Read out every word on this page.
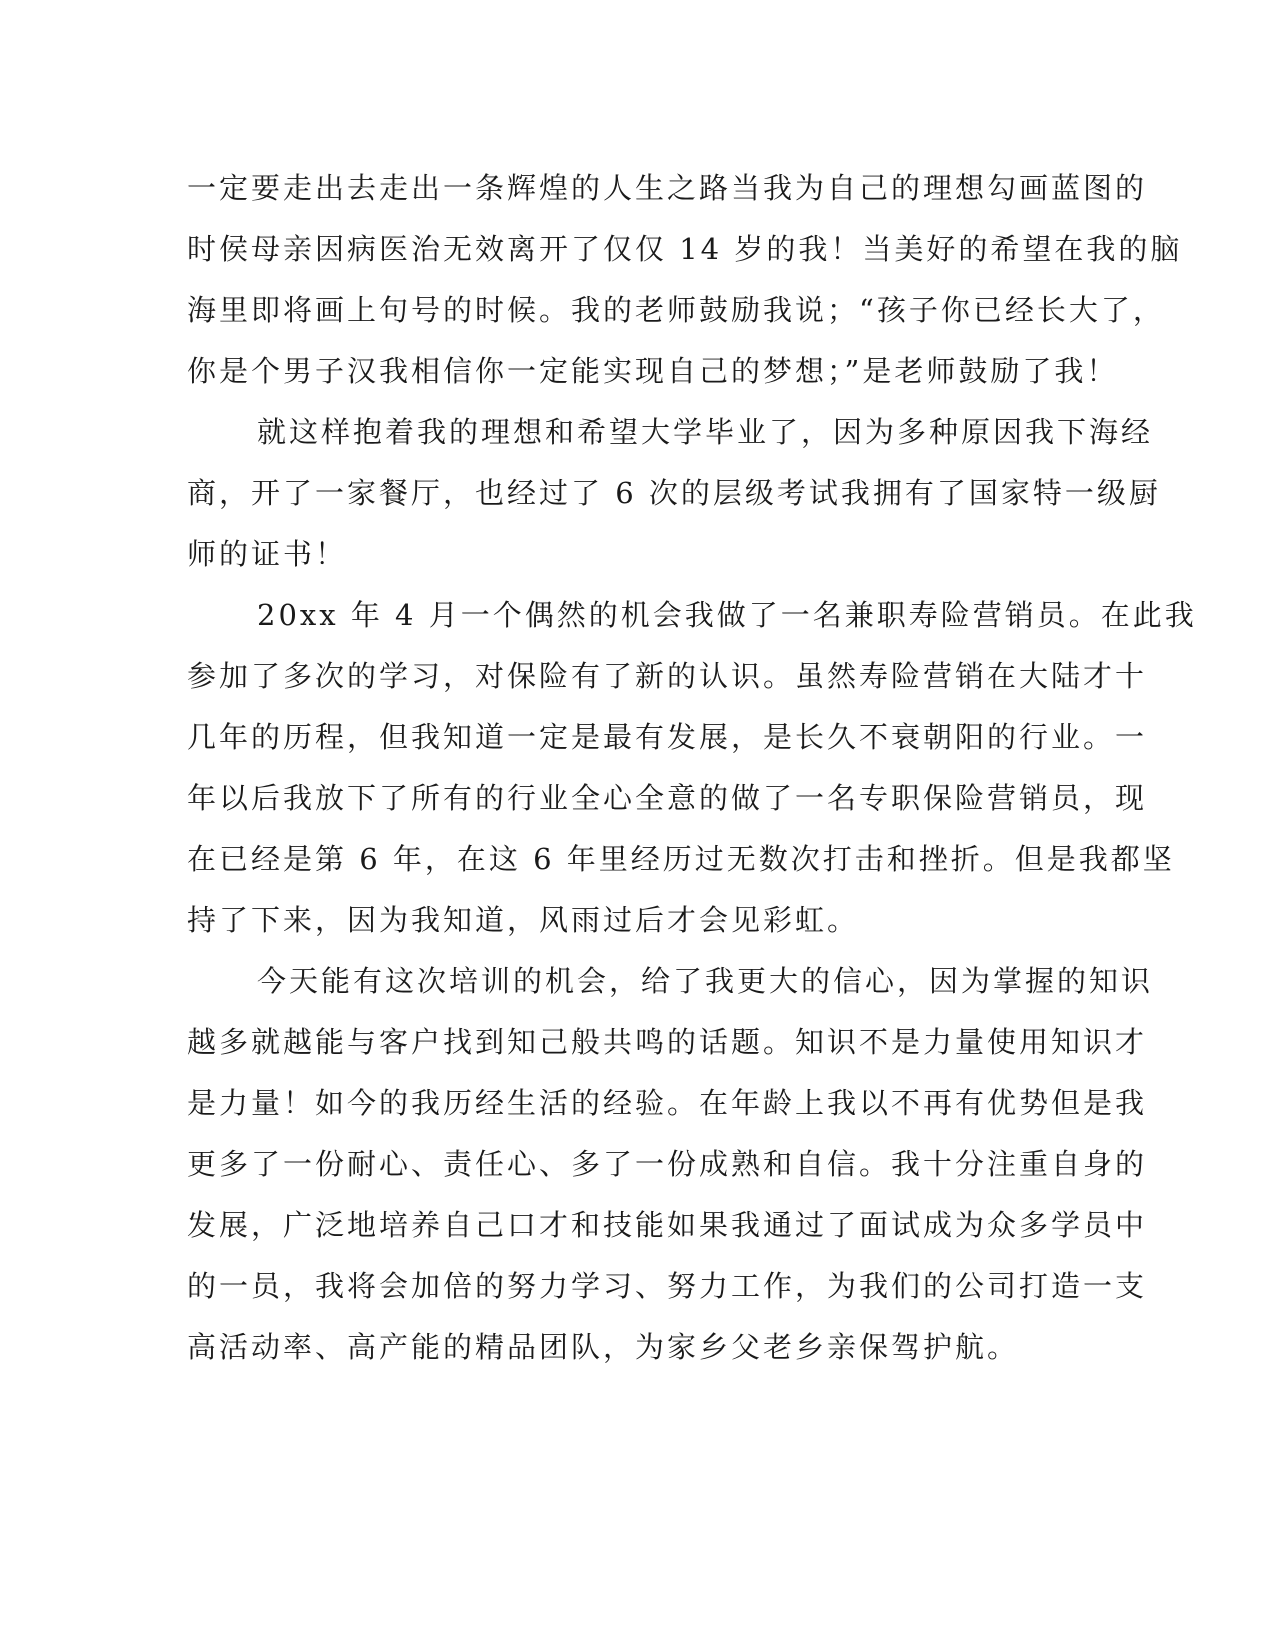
一定要走出去走出一条辉煌的人生之路当我为自己的理想勾画蓝图的
时侯母亲因病医治无效离开了仅仅 14 岁的我！当美好的希望在我的脑
海里即将画上句号的时候。我的老师鼓励我说；“孩子你已经长大了，
你是个男子汉我相信你一定能实现自己的梦想；”是老师鼓励了我！
就这样抱着我的理想和希望大学毕业了，因为多种原因我下海经
商，开了一家餐厅，也经过了 6 次的层级考试我拥有了国家特一级厨
师的证书！
20xx 年 4 月一个偶然的机会我做了一名兼职寿险营销员。在此我
参加了多次的学习，对保险有了新的认识。虽然寿险营销在大陆才十
几年的历程，但我知道一定是最有发展，是长久不衰朝阳的行业。一
年以后我放下了所有的行业全心全意的做了一名专职保险营销员，现
在已经是第 6 年，在这 6 年里经历过无数次打击和挫折。但是我都坚
持了下来，因为我知道，风雨过后才会见彩虹。
今天能有这次培训的机会，给了我更大的信心，因为掌握的知识
越多就越能与客户找到知己般共鸣的话题。知识不是力量使用知识才
是力量！如今的我历经生活的经验。在年龄上我以不再有优势但是我
更多了一份耐心、责任心、多了一份成熟和自信。我十分注重自身的
发展，广泛地培养自己口才和技能如果我通过了面试成为众多学员中
的一员，我将会加倍的努力学习、努力工作，为我们的公司打造一支
高活动率、高产能的精品团队，为家乡父老乡亲保驾护航。
